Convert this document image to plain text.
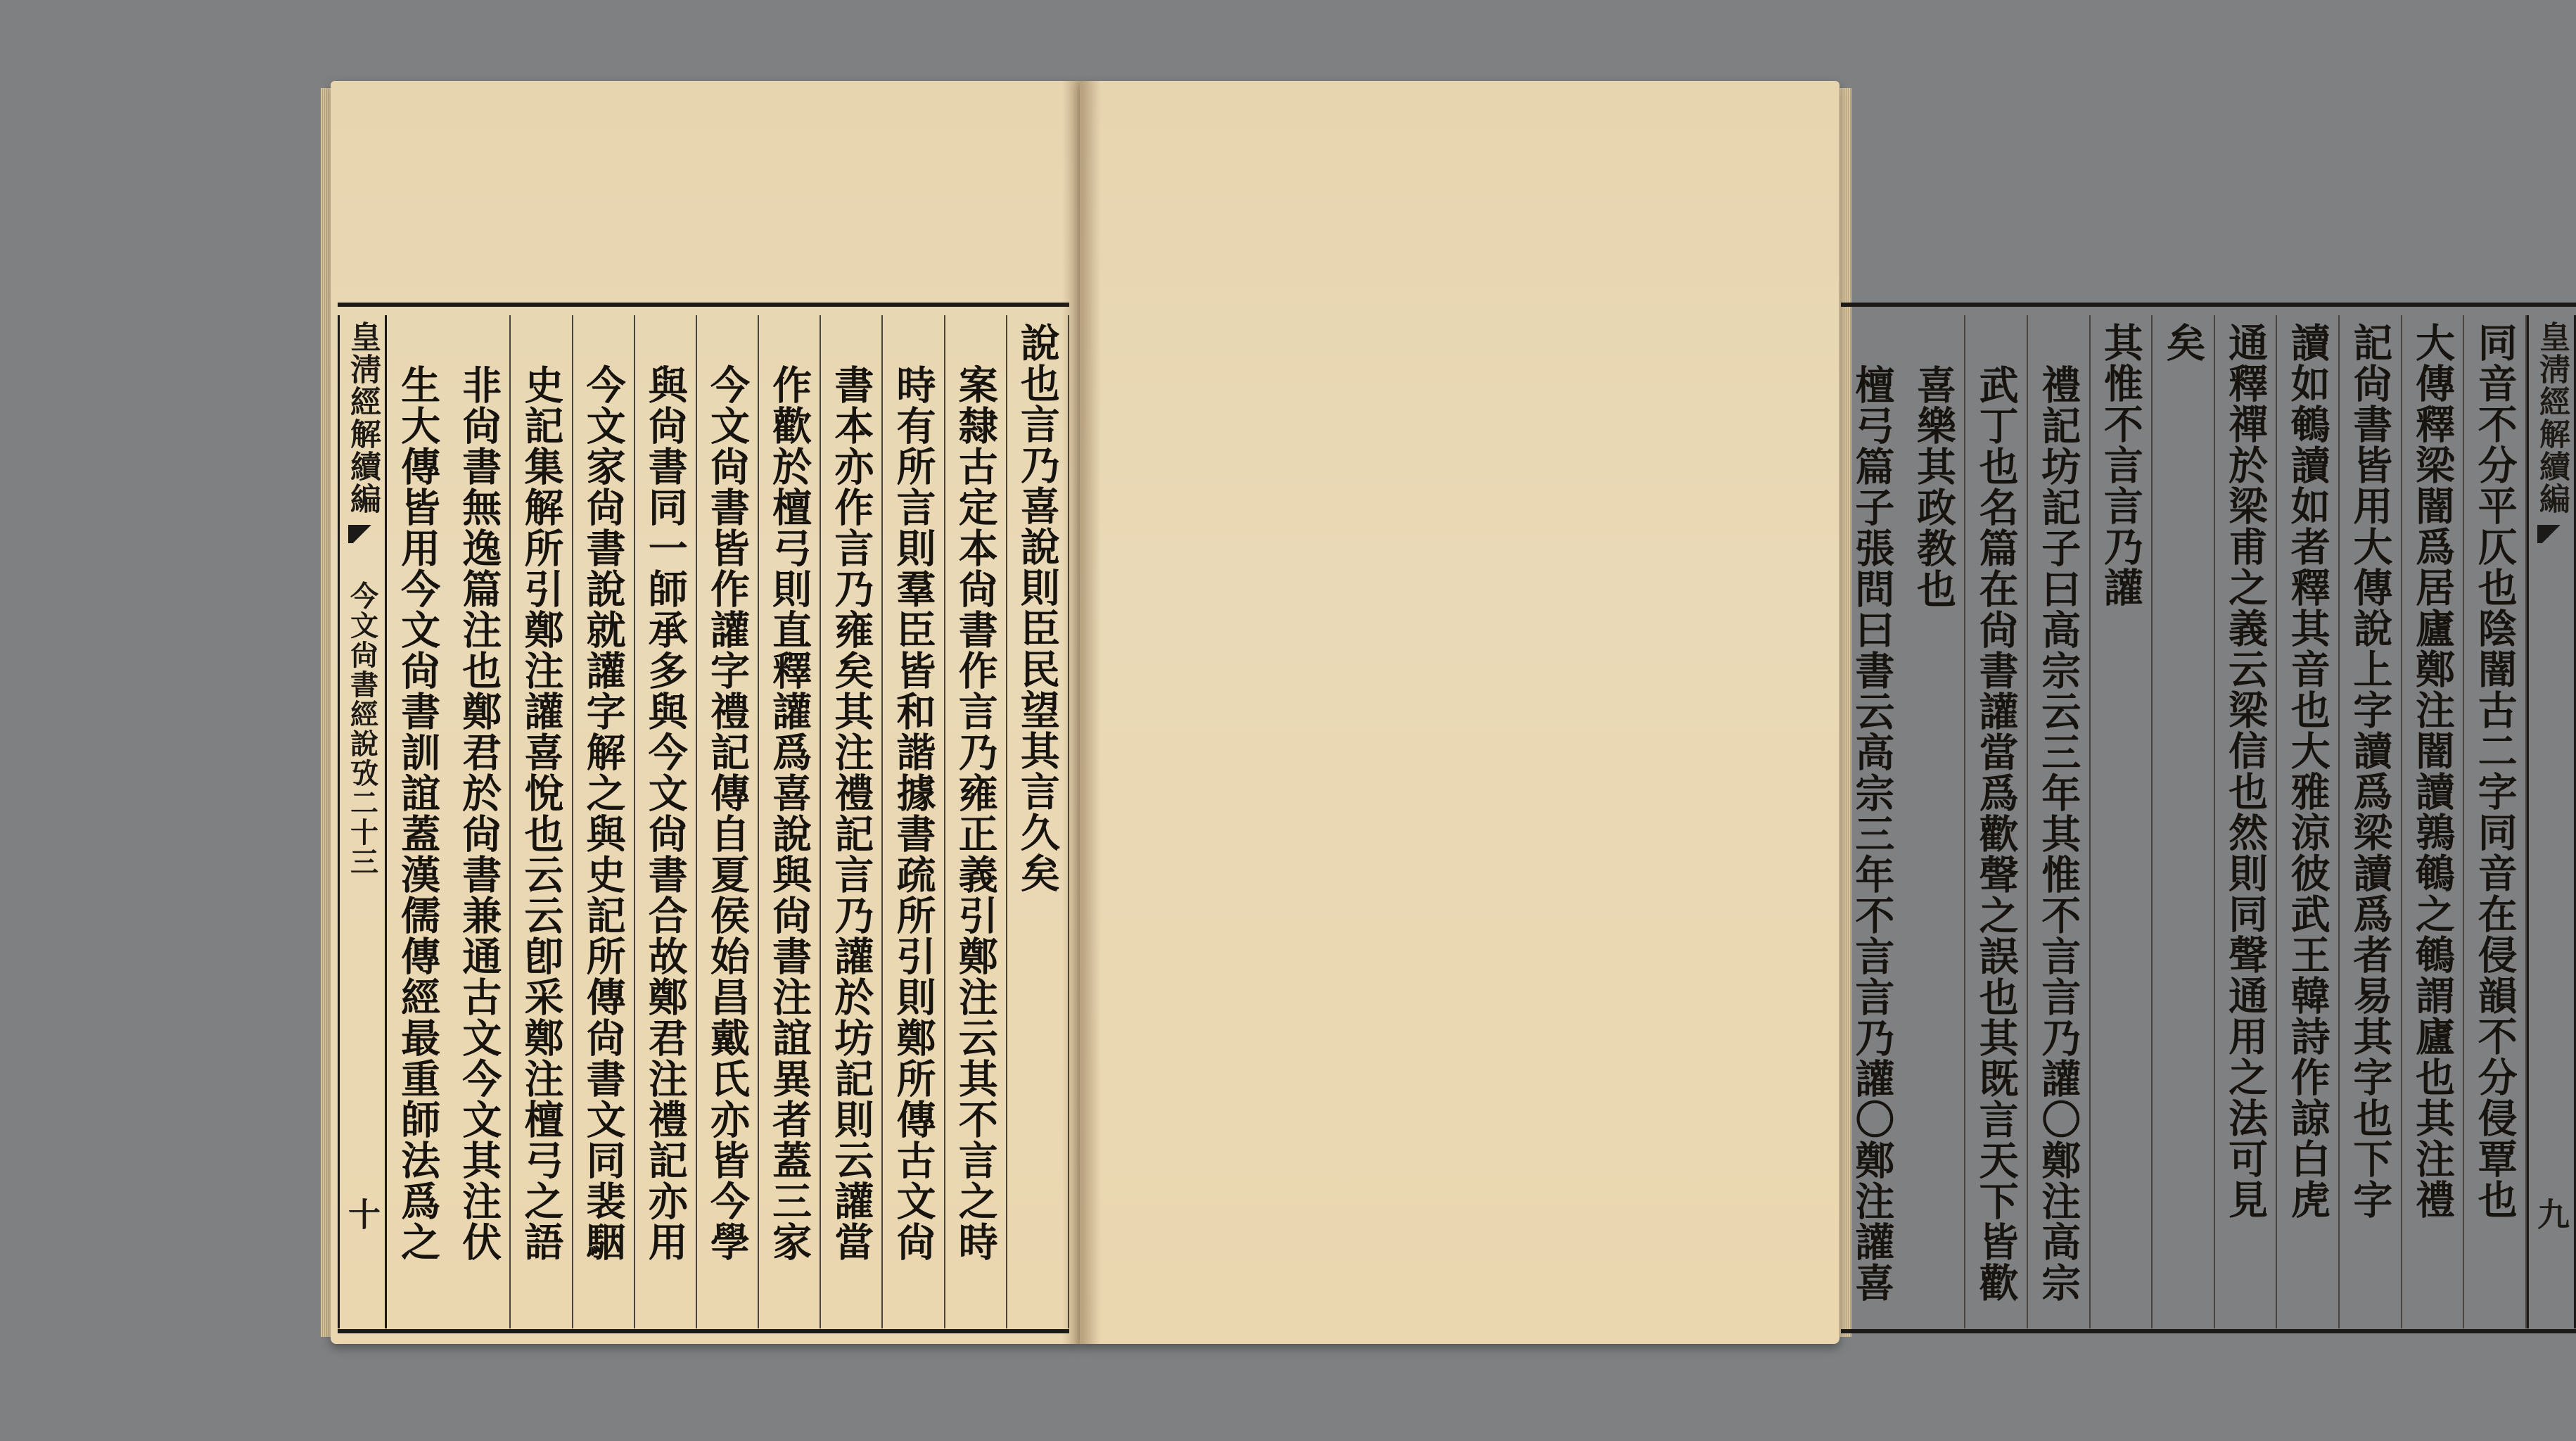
皇淸經解續編
今文尙書經說攷二十三
十
說也言乃喜說則臣民望其言久矣
案隸古定本尙書作言乃雍正義引鄭注云其不言之時
時有所言則羣臣皆和諧據書疏所引則鄭所傳古文尙
書本亦作言乃雍矣其注禮記言乃讙於坊記則云讙當
作歡於檀弓則直釋讙爲喜說與尙書注誼異者蓋三家
今文尙書皆作讙字禮記傳自夏侯始昌戴氏亦皆今學
與尙書同一師承多與今文尙書合故鄭君注禮記亦用
今文家尙書說就讙字解之與史記所傳尙書文同裴駰
史記集解所引鄭注讙喜悅也云云卽采鄭注檀弓之語
非尙書無逸篇注也鄭君於尙書兼通古文今文其注伏
生大傳皆用今文尙書訓誼蓋漢儒傳經最重師法爲之	皇淸經解續編
九
同音不分平仄也陰闇古二字同音在侵韻不分侵覃也
大傳釋梁闇爲居廬鄭注闇讀鶉鵪之鵪謂廬也其注禮
記尙書皆用大傳說上字讀爲梁讀爲者易其字也下字
讀如鵪讀如者釋其音也大雅涼彼武王韓詩作諒白虎
通釋禪於梁甫之義云梁信也然則同聲通用之法可見
矣
其惟不言言乃讙
禮記坊記子曰高宗云三年其惟不言言乃讙〇鄭注高宗
武丁也名篇在尙書讙當爲歡聲之誤也其既言天下皆歡
喜樂其政教也
檀弓篇子張問曰書云高宗三年不言言乃讙〇鄭注讙喜
